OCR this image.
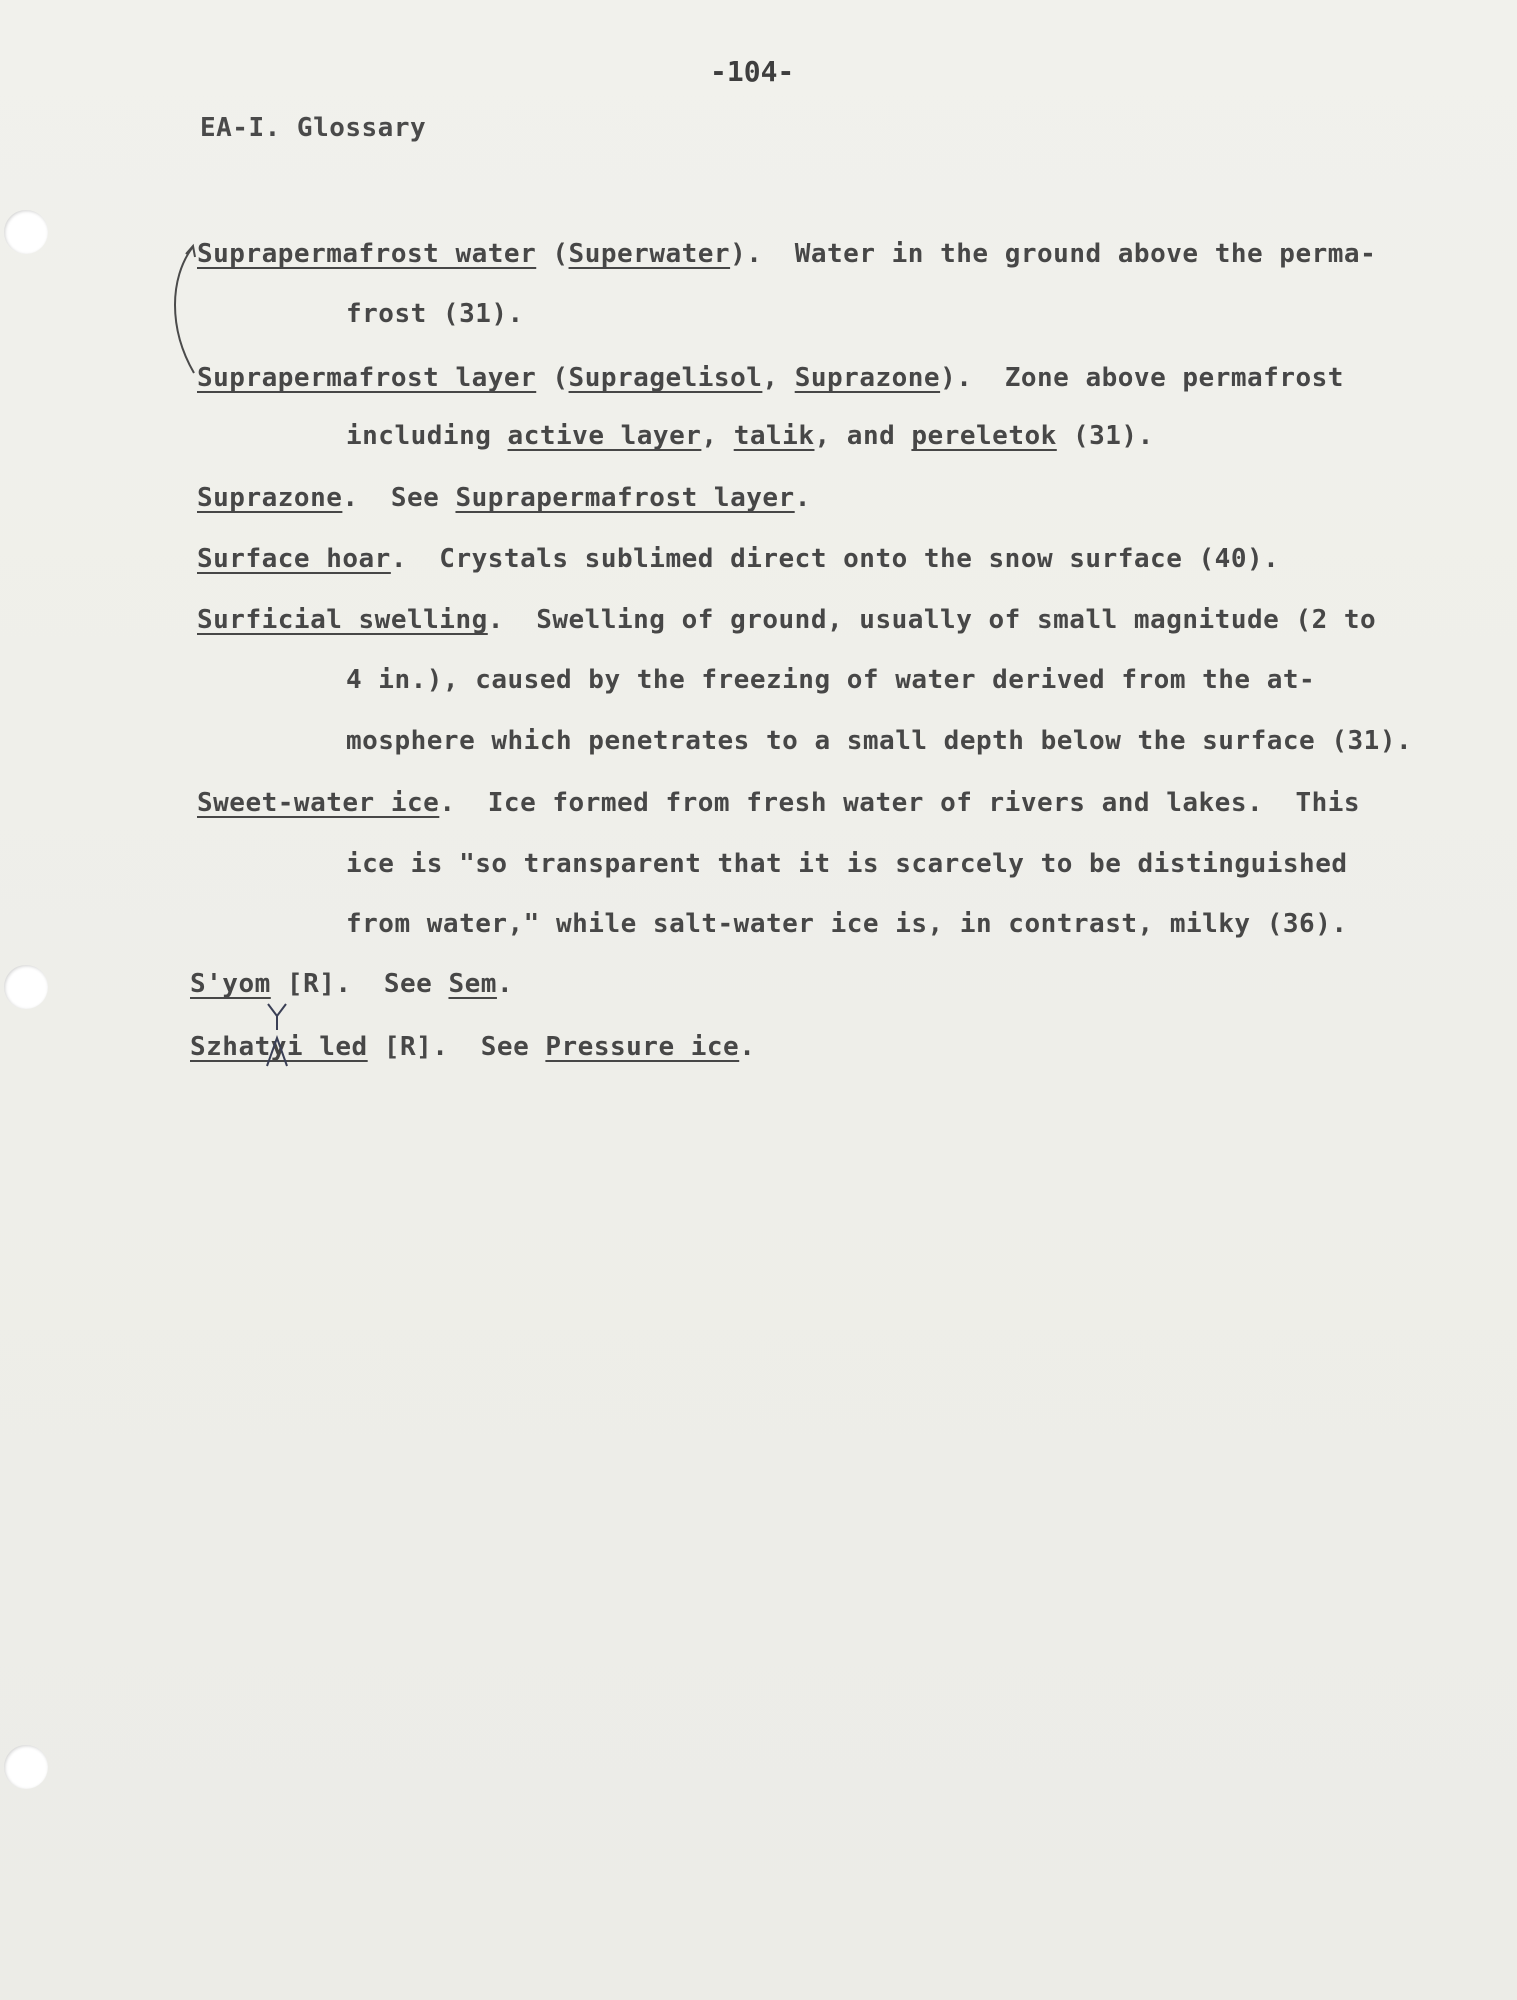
-104-
EA-I. Glossary
Suprapermafrost water (Superwater).  Water in the ground above the perma-
frost (31).
Suprapermafrost layer (Supragelisol, Suprazone).  Zone above permafrost
including active layer, talik, and pereletok (31).
Suprazone.  See Suprapermafrost layer.
Surface hoar.  Crystals sublimed direct onto the snow surface (40).
Surficial swelling.  Swelling of ground, usually of small magnitude (2 to
4 in.), caused by the freezing of water derived from the at-
mosphere which penetrates to a small depth below the surface (31).
Sweet-water ice.  Ice formed from fresh water of rivers and lakes.  This
ice is "so transparent that it is scarcely to be distinguished
from water," while salt-water ice is, in contrast, milky (36).
S'yom [R].  See Sem.
Szhatyi led [R].  See Pressure ice.
